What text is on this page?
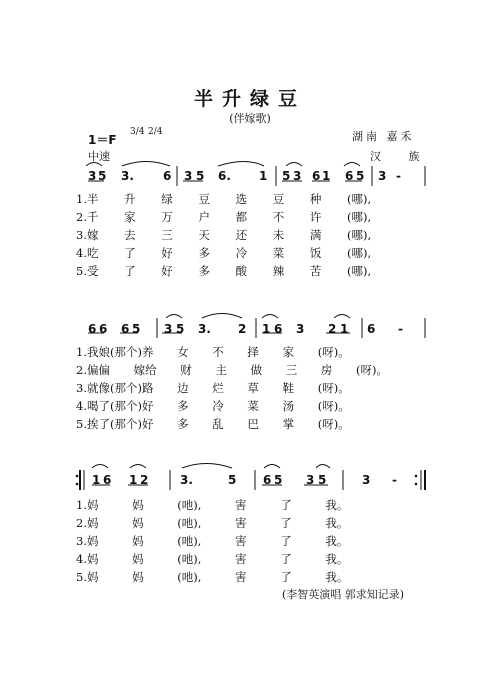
半升绿豆
(伴嫁歌)
1＝F
3/4 2/4
中速
湖南 嘉禾
汉 族
3 5 3. 6 3 5 6. 1 5 3 6 1 6 5 3 -
1.半 升 绿 豆 选 豆 种 (哪),
2.千 家 万 户 都 不 许 (哪),
3.嫁 去 三 天 还 未 满 (哪),
4.吃 了 好 多 冷 菜 饭 (哪),
5.受 了 好 多 酸 辣 苦 (哪),
6 6 6 5 3 5 3. 2 1 6 3 2 1 6 -
1.我娘(那个)养 女 不 择 家 (呀)。
2.偏偏 嫁给 财 主 做 三 房 (呀)。
3.就像(那个)路 边 烂 草 鞋 (呀)。
4.喝了(那个)好 多 冷 菜 汤 (呀)。
5.挨了(那个)好 多 乱 巴 掌 (呀)。
1 6 1 2	3.	5 6 5 3 5	3 -
1.妈 妈 (吔), 害 了 我。
2.妈 妈 (吔), 害 了 我。
3.妈 妈 (吔), 害 了 我。
4.妈 妈 (吔), 害 了 我。
5.妈 妈 (吔), 害 了 我。
(李智英演唱 郭求知记录)
